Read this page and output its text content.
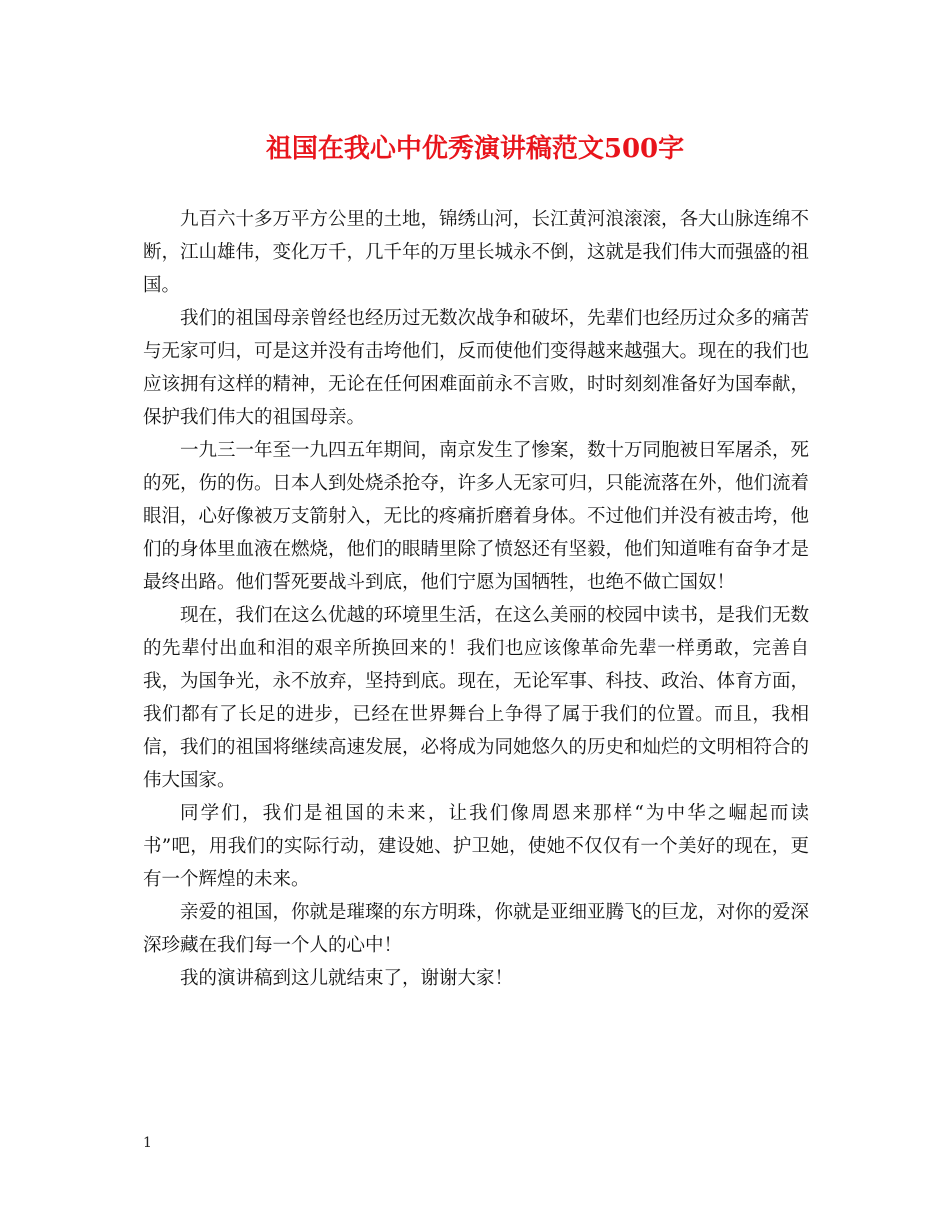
祖国在我心中优秀演讲稿范文500字

九百六十多万平方公里的土地，锦绣山河，长江黄河浪滚滚，各大山脉连绵不断，江山雄伟，变化万千，几千年的万里长城永不倒，这就是我们伟大而强盛的祖国。

我们的祖国母亲曾经也经历过无数次战争和破坏，先辈们也经历过众多的痛苦与无家可归，可是这并没有击垮他们，反而使他们变得越来越强大。现在的我们也应该拥有这样的精神，无论在任何困难面前永不言败，时时刻刻准备好为国奉献，保护我们伟大的祖国母亲。

一九三一年至一九四五年期间，南京发生了惨案，数十万同胞被日军屠杀，死的死，伤的伤。日本人到处烧杀抢夺，许多人无家可归，只能流落在外，他们流着眼泪，心好像被万支箭射入，无比的疼痛折磨着身体。不过他们并没有被击垮，他们的身体里血液在燃烧，他们的眼睛里除了愤怒还有坚毅，他们知道唯有奋争才是最终出路。他们誓死要战斗到底，他们宁愿为国牺牲，也绝不做亡国奴！

现在，我们在这么优越的环境里生活，在这么美丽的校园中读书，是我们无数的先辈付出血和泪的艰辛所换回来的！我们也应该像革命先辈一样勇敢，完善自我，为国争光，永不放弃，坚持到底。现在，无论军事、科技、政治、体育方面，我们都有了长足的进步，已经在世界舞台上争得了属于我们的位置。而且，我相信，我们的祖国将继续高速发展，必将成为同她悠久的历史和灿烂的文明相符合的伟大国家。

同学们，我们是祖国的未来，让我们像周恩来那样“为中华之崛起而读书”吧，用我们的实际行动，建设她、护卫她，使她不仅仅有一个美好的现在，更有一个辉煌的未来。

亲爱的祖国，你就是璀璨的东方明珠，你就是亚细亚腾飞的巨龙，对你的爱深深珍藏在我们每一个人的心中！

我的演讲稿到这儿就结束了，谢谢大家！

1
